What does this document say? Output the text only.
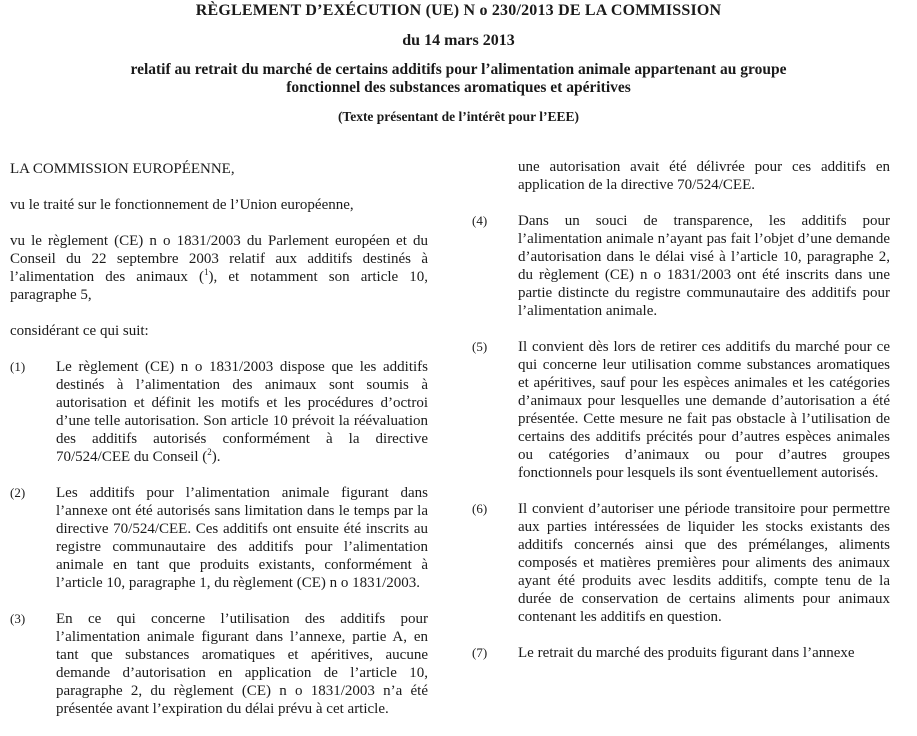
RÈGLEMENT D’EXÉCUTION (UE) N o 230/2013 DE LA COMMISSION
du 14 mars 2013
relatif au retrait du marché de certains additifs pour l’alimentation animale appartenant au groupe
fonctionnel des substances aromatiques et apéritives
(Texte présentant de l’intérêt pour l’EEE)

LA COMMISSION EUROPÉENNE,

vu le traité sur le fonctionnement de l’Union européenne,

vu le règlement (CE) n o 1831/2003 du Parlement européen et du Conseil du 22 septembre 2003 relatif aux additifs destinés à l’alimentation des animaux ($^1$), et notamment son article 10, paragraphe 5,

considérant ce qui suit:

(1) Le règlement (CE) n o 1831/2003 dispose que les additifs destinés à l’alimentation des animaux sont soumis à autorisation et définit les motifs et les procédures d’octroi d’une telle autorisation. Son article 10 prévoit la réévaluation des additifs autorisés conformément à la directive 70/524/CEE du Conseil ($^2$).
(2) Les additifs pour l’alimentation animale figurant dans l’annexe ont été autorisés sans limitation dans le temps par la directive 70/524/CEE. Ces additifs ont ensuite été inscrits au registre communautaire des additifs pour l’alimentation animale en tant que produits existants, conformément à l’article 10, paragraphe 1, du règlement (CE) n o 1831/2003.
(3) En ce qui concerne l’utilisation des additifs pour l’alimentation animale figurant dans l’annexe, partie A, en tant que substances aromatiques et apéritives, aucune demande d’autorisation en application de l’article 10, paragraphe 2, du règlement (CE) n o 1831/2003 n’a été présentée avant l’expiration du délai prévu à cet article.

une autorisation avait été délivrée pour ces additifs en application de la directive 70/524/CEE.

(4) Dans un souci de transparence, les additifs pour l’alimentation animale n’ayant pas fait l’objet d’une demande d’autorisation dans le délai visé à l’article 10, paragraphe 2, du règlement (CE) n o 1831/2003 ont été inscrits dans une partie distincte du registre communautaire des additifs pour l’alimentation animale.
(5) Il convient dès lors de retirer ces additifs du marché pour ce qui concerne leur utilisation comme substances aromatiques et apéritives, sauf pour les espèces animales et les catégories d’animaux pour lesquelles une demande d’autorisation a été présentée. Cette mesure ne fait pas obstacle à l’utilisation de certains des additifs précités pour d’autres espèces animales ou catégories d’animaux ou pour d’autres groupes fonctionnels pour lesquels ils sont éventuellement autorisés.
(6) Il convient d’autoriser une période transitoire pour permettre aux parties intéressées de liquider les stocks existants des additifs concernés ainsi que des prémélanges, aliments composés et matières premières pour aliments des animaux ayant été produits avec lesdits additifs, compte tenu de la durée de conservation de certains aliments pour animaux contenant les additifs en question.
(7) Le retrait du marché des produits figurant dans l’annexe
